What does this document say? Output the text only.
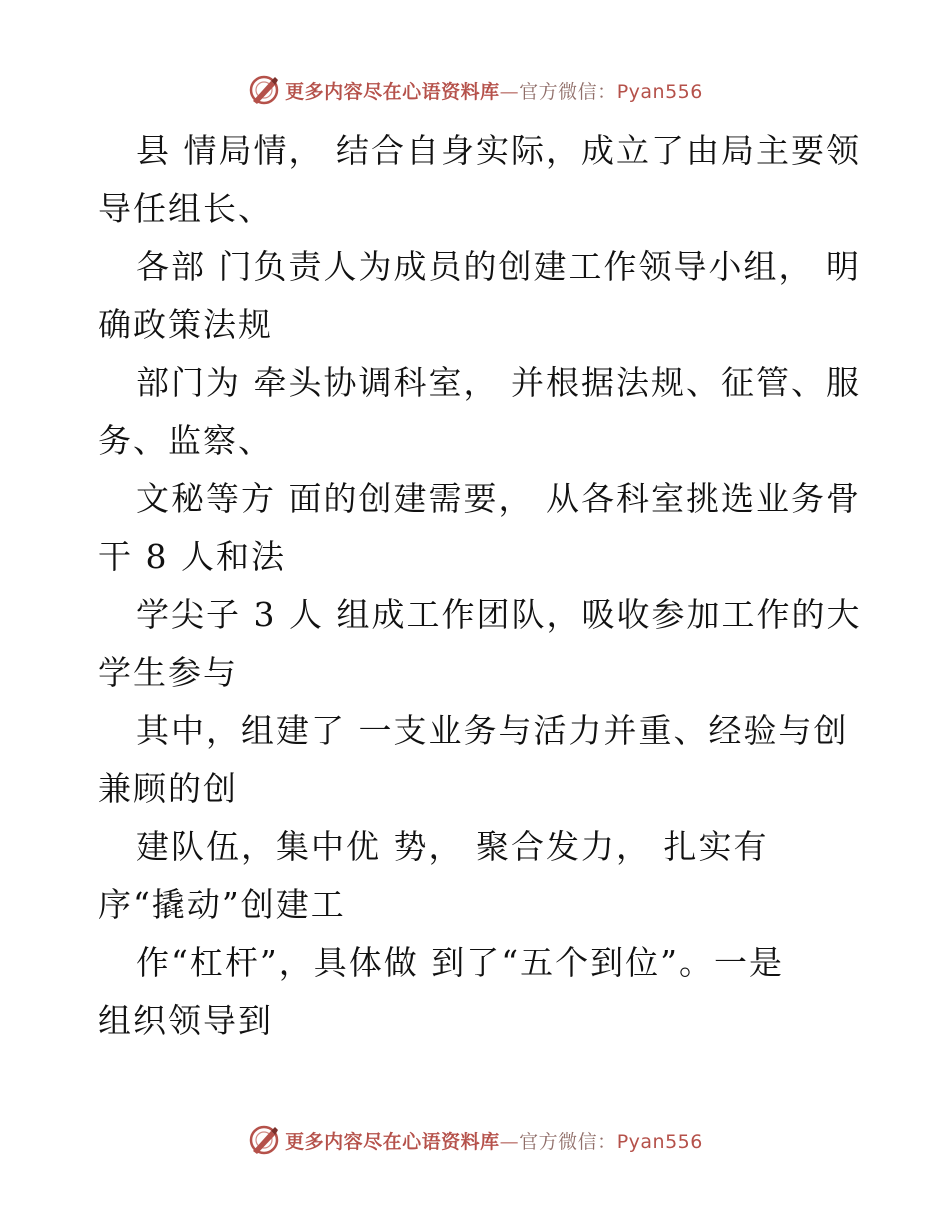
更多内容尽在心语资料库—官方微信：Pyan556
县 情局情， 结合自身实际，成立了由局主要领
导任组长、
各部 门负责人为成员的创建工作领导小组， 明
确政策法规
部门为 牵头协调科室， 并根据法规、征管、服
务、监察、
文秘等方 面的创建需要， 从各科室挑选业务骨
干 8 人和法
学尖子 3 人 组成工作团队，吸收参加工作的大
学生参与
其中，组建了 一支业务与活力并重、经验与创
兼顾的创
建队伍，集中优 势， 聚合发力， 扎实有
序“撬动”创建工
作“杠杆”，具体做 到了“五个到位”。一是
组织领导到
更多内容尽在心语资料库—官方微信：Pyan556
